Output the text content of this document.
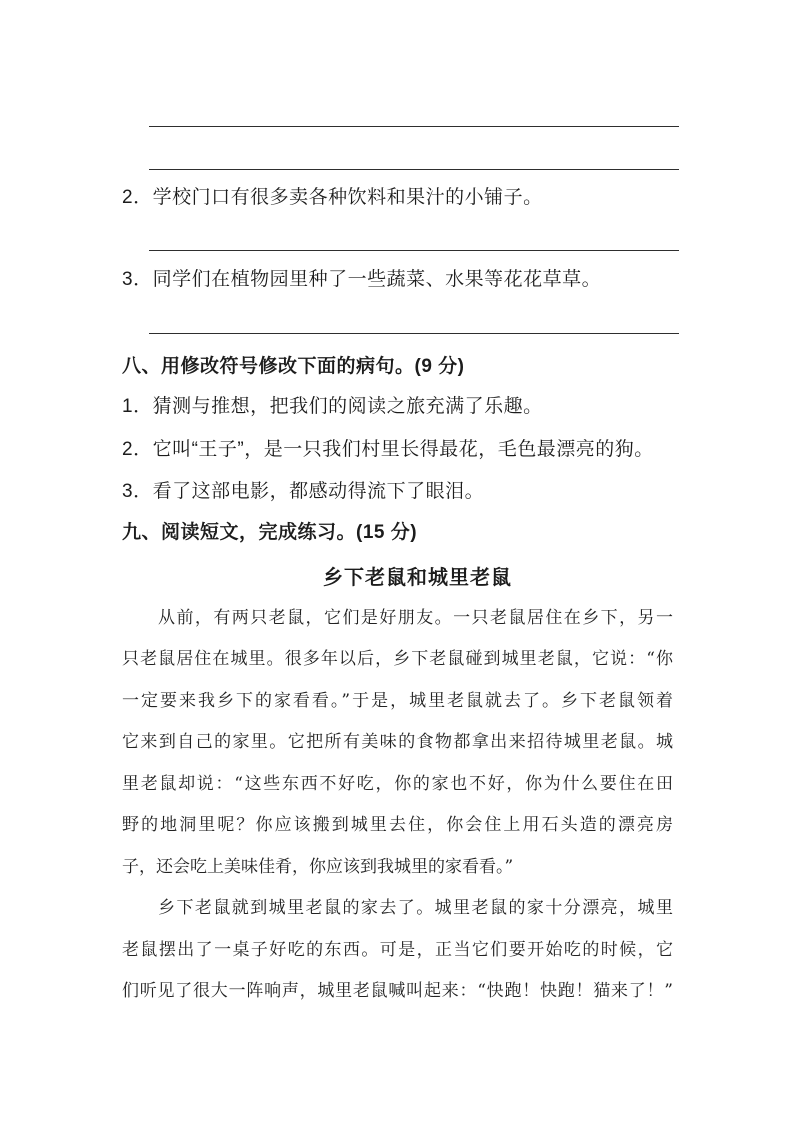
2．学校门口有很多卖各种饮料和果汁的小铺子。
3．同学们在植物园里种了一些蔬菜、水果等花花草草。
八、用修改符号修改下面的病句。(9 分)
1．猜测与推想，把我们的阅读之旅充满了乐趣。
2．它叫“王子”，是一只我们村里长得最花，毛色最漂亮的狗。
3．看了这部电影，都感动得流下了眼泪。
九、阅读短文，完成练习。(15 分)
乡下老鼠和城里老鼠
从前，有两只老鼠，它们是好朋友。一只老鼠居住在乡下，另一
只老鼠居住在城里。很多年以后，乡下老鼠碰到城里老鼠，它说：“你
一定要来我乡下的家看看。”于是，城里老鼠就去了。乡下老鼠领着
它来到自己的家里。它把所有美味的食物都拿出来招待城里老鼠。城
里老鼠却说：“这些东西不好吃，你的家也不好，你为什么要住在田
野的地洞里呢？你应该搬到城里去住，你会住上用石头造的漂亮房
子，还会吃上美味佳肴，你应该到我城里的家看看。”
乡下老鼠就到城里老鼠的家去了。城里老鼠的家十分漂亮，城里
老鼠摆出了一桌子好吃的东西。可是，正当它们要开始吃的时候，它
们听见了很大一阵响声，城里老鼠喊叫起来：“快跑！快跑！猫来了！”
